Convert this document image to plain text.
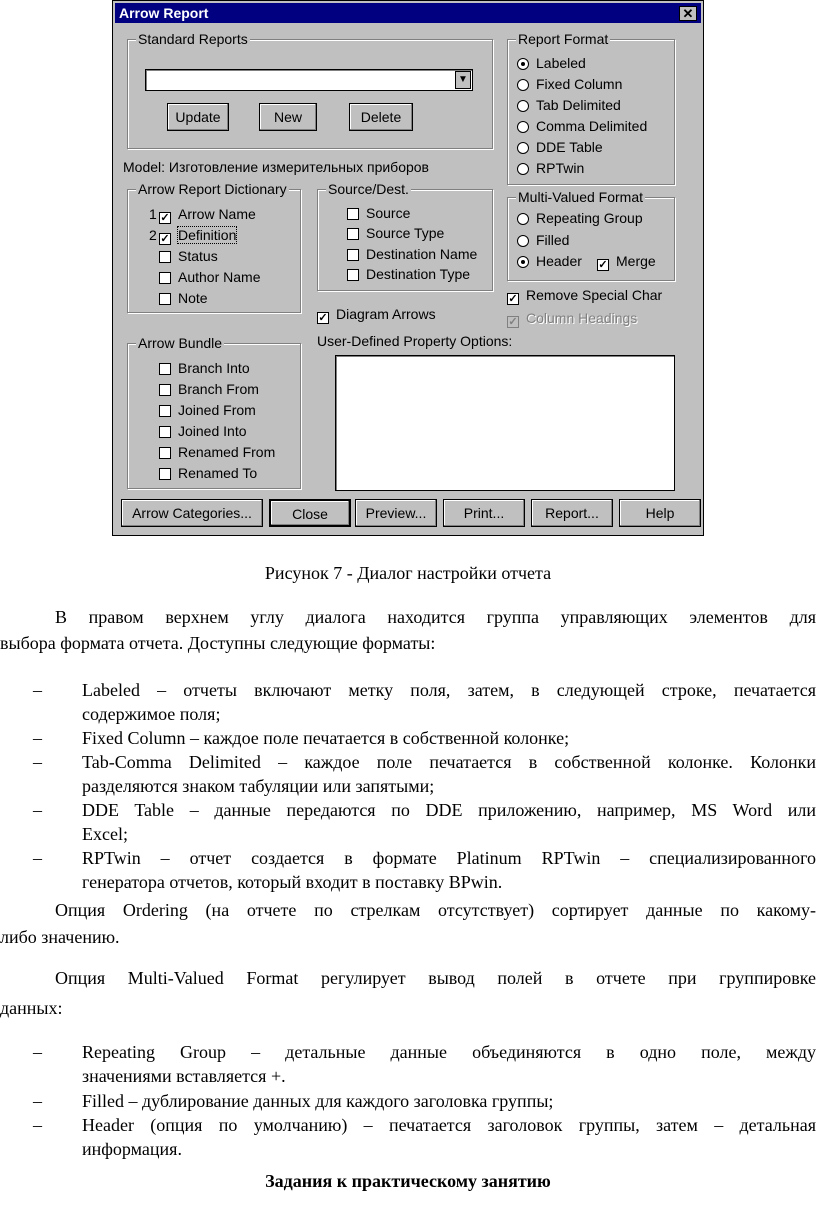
Arrow Report	✕
Standard Reports
▼
Update	New	Delete
Model: Изготовление измерительных приборов
Report Format
Labeled
Fixed Column
Tab Delimited
Comma Delimited
DDE Table
RPTwin
Arrow Report Dictionary
1 ✓ Arrow Name
2 ✓ Definition
Status
Author Name
Note
Source/Dest.
Source
Source Type
Destination Name
Destination Type
Multi-Valued Format
Repeating Group
Filled
Header ✓ Merge
✓ Remove Special Char
✓ Column Headings
✓ Diagram Arrows
User-Defined Property Options:
Arrow Bundle
Branch Into
Branch From
Joined From
Joined Into
Renamed From
Renamed To
Arrow Categories...	Close	Preview...	Print...	Report...	Help
Рисунок 7 - Диалог настройки отчета
В правом верхнем углу диалога находится группа управляющих элементов для
выбора формата отчета. Доступны следующие форматы:
– Labeled – отчеты включают метку поля, затем, в следующей строке, печатается
содержимое поля;
– Fixed Column – каждое поле печатается в собственной колонке;
– Tab-Comma Delimited – каждое поле печатается в собственной колонке. Колонки
разделяются знаком табуляции или запятыми;
– DDE Table – данные передаются по DDE приложению, например, MS Word или
Excel;
– RPTwin – отчет создается в формате Platinum RPTwin – специализированного
генератора отчетов, который входит в поставку BPwin.
Опция Ordering (на отчете по стрелкам отсутствует) сортирует данные по какому-
либо значению.
Опция Multi-Valued Format регулирует вывод полей в отчете при группировке
данных:
– Repeating Group – детальные данные объединяются в одно поле, между
значениями вставляется +.
– Filled – дублирование данных для каждого заголовка группы;
– Header (опция по умолчанию) – печатается заголовок группы, затем – детальная
информация.
Задания к практическому занятию
